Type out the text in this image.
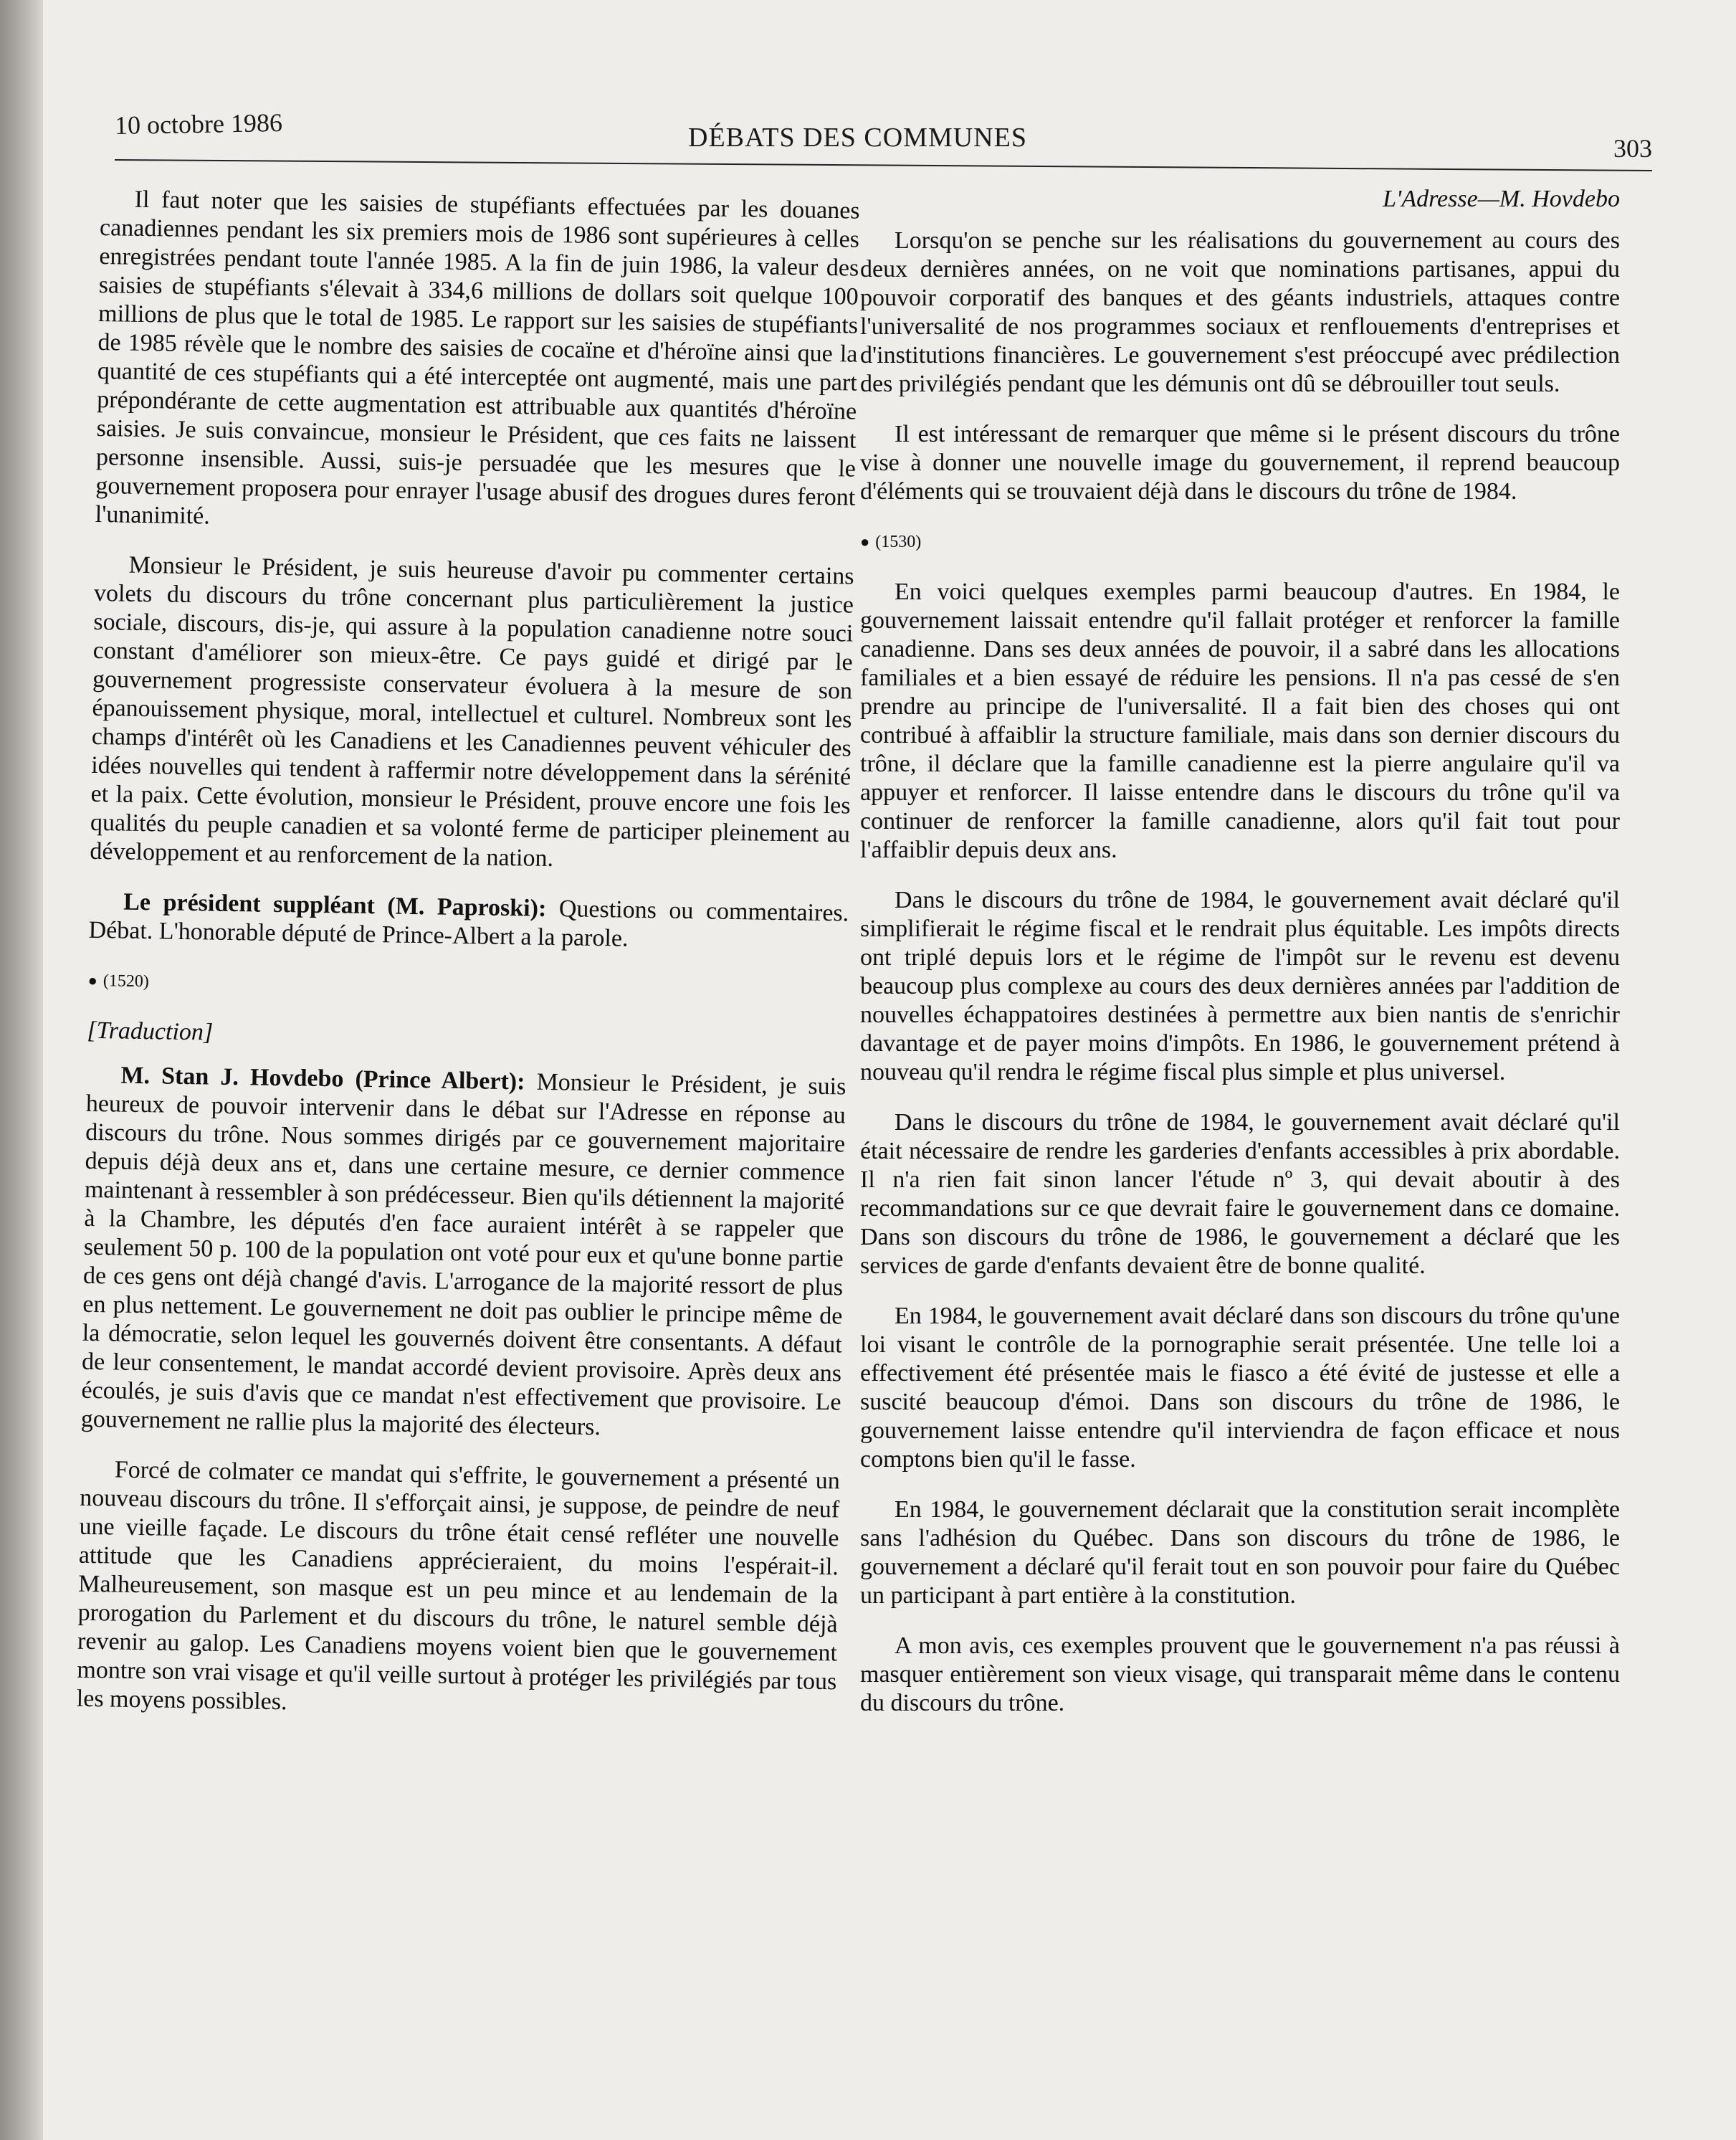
10 octobre 1986	DÉBATS DES COMMUNES	303

Il faut noter que les saisies de stupéfiants effectuées par les douanes canadiennes pendant les six premiers mois de 1986 sont supérieures à celles enregistrées pendant toute l'année 1985. A la fin de juin 1986, la valeur des saisies de stupéfiants s'élevait à 334,6 millions de dollars soit quelque 100 millions de plus que le total de 1985. Le rapport sur les saisies de stupéfiants de 1985 révèle que le nombre des saisies de cocaïne et d'héroïne ainsi que la quantité de ces stupéfiants qui a été interceptée ont augmenté, mais une part prépondérante de cette augmentation est attribuable aux quantités d'héroïne saisies. Je suis convaincue, monsieur le Président, que ces faits ne laissent personne insensible. Aussi, suis-je persuadée que les mesures que le gouvernement proposera pour enrayer l'usage abusif des drogues dures feront l'unanimité.

Monsieur le Président, je suis heureuse d'avoir pu commenter certains volets du discours du trône concernant plus particulièrement la justice sociale, discours, dis-je, qui assure à la population canadienne notre souci constant d'améliorer son mieux-être. Ce pays guidé et dirigé par le gouvernement progressiste conservateur évoluera à la mesure de son épanouissement physique, moral, intellectuel et culturel. Nombreux sont les champs d'intérêt où les Canadiens et les Canadiennes peuvent véhiculer des idées nouvelles qui tendent à raffermir notre développement dans la sérénité et la paix. Cette évolution, monsieur le Président, prouve encore une fois les qualités du peuple canadien et sa volonté ferme de participer pleinement au développement et au renforcement de la nation.

Le président suppléant (M. Paproski): Questions ou commentaires. Débat. L'honorable député de Prince-Albert a la parole.

● (1520)
[Traduction]

M. Stan J. Hovdebo (Prince Albert): Monsieur le Président, je suis heureux de pouvoir intervenir dans le débat sur l'Adresse en réponse au discours du trône. Nous sommes dirigés par ce gouvernement majoritaire depuis déjà deux ans et, dans une certaine mesure, ce dernier commence maintenant à ressembler à son prédécesseur. Bien qu'ils détiennent la majorité à la Chambre, les députés d'en face auraient intérêt à se rappeler que seulement 50 p. 100 de la population ont voté pour eux et qu'une bonne partie de ces gens ont déjà changé d'avis. L'arrogance de la majorité ressort de plus en plus nettement. Le gouvernement ne doit pas oublier le principe même de la démocratie, selon lequel les gouvernés doivent être consentants. A défaut de leur consentement, le mandat accordé devient provisoire. Après deux ans écoulés, je suis d'avis que ce mandat n'est effectivement que provisoire. Le gouvernement ne rallie plus la majorité des électeurs.

Forcé de colmater ce mandat qui s'effrite, le gouvernement a présenté un nouveau discours du trône. Il s'efforçait ainsi, je suppose, de peindre de neuf une vieille façade. Le discours du trône était censé refléter une nouvelle attitude que les Canadiens apprécieraient, du moins l'espérait-il. Malheureusement, son masque est un peu mince et au lendemain de la prorogation du Parlement et du discours du trône, le naturel semble déjà revenir au galop. Les Canadiens moyens voient bien que le gouvernement montre son vrai visage et qu'il veille surtout à protéger les privilégiés par tous les moyens possibles.

L'Adresse—M. Hovdebo

Lorsqu'on se penche sur les réalisations du gouvernement au cours des deux dernières années, on ne voit que nominations partisanes, appui du pouvoir corporatif des banques et des géants industriels, attaques contre l'universalité de nos programmes sociaux et renflouements d'entreprises et d'institutions financières. Le gouvernement s'est préoccupé avec prédilection des privilégiés pendant que les démunis ont dû se débrouiller tout seuls.

Il est intéressant de remarquer que même si le présent discours du trône vise à donner une nouvelle image du gouvernement, il reprend beaucoup d'éléments qui se trouvaient déjà dans le discours du trône de 1984.

● (1530)

En voici quelques exemples parmi beaucoup d'autres. En 1984, le gouvernement laissait entendre qu'il fallait protéger et renforcer la famille canadienne. Dans ses deux années de pouvoir, il a sabré dans les allocations familiales et a bien essayé de réduire les pensions. Il n'a pas cessé de s'en prendre au principe de l'universalité. Il a fait bien des choses qui ont contribué à affaiblir la structure familiale, mais dans son dernier discours du trône, il déclare que la famille canadienne est la pierre angulaire qu'il va appuyer et renforcer. Il laisse entendre dans le discours du trône qu'il va continuer de renforcer la famille canadienne, alors qu'il fait tout pour l'affaiblir depuis deux ans.

Dans le discours du trône de 1984, le gouvernement avait déclaré qu'il simplifierait le régime fiscal et le rendrait plus équitable. Les impôts directs ont triplé depuis lors et le régime de l'impôt sur le revenu est devenu beaucoup plus complexe au cours des deux dernières années par l'addition de nouvelles échappatoires destinées à permettre aux bien nantis de s'enrichir davantage et de payer moins d'impôts. En 1986, le gouvernement prétend à nouveau qu'il rendra le régime fiscal plus simple et plus universel.

Dans le discours du trône de 1984, le gouvernement avait déclaré qu'il était nécessaire de rendre les garderies d'enfants accessibles à prix abordable. Il n'a rien fait sinon lancer l'étude nº 3, qui devait aboutir à des recommandations sur ce que devrait faire le gouvernement dans ce domaine. Dans son discours du trône de 1986, le gouvernement a déclaré que les services de garde d'enfants devaient être de bonne qualité.

En 1984, le gouvernement avait déclaré dans son discours du trône qu'une loi visant le contrôle de la pornographie serait présentée. Une telle loi a effectivement été présentée mais le fiasco a été évité de justesse et elle a suscité beaucoup d'émoi. Dans son discours du trône de 1986, le gouvernement laisse entendre qu'il interviendra de façon efficace et nous comptons bien qu'il le fasse.

En 1984, le gouvernement déclarait que la constitution serait incomplète sans l'adhésion du Québec. Dans son discours du trône de 1986, le gouvernement a déclaré qu'il ferait tout en son pouvoir pour faire du Québec un participant à part entière à la constitution.

A mon avis, ces exemples prouvent que le gouvernement n'a pas réussi à masquer entièrement son vieux visage, qui transparait même dans le contenu du discours du trône.
